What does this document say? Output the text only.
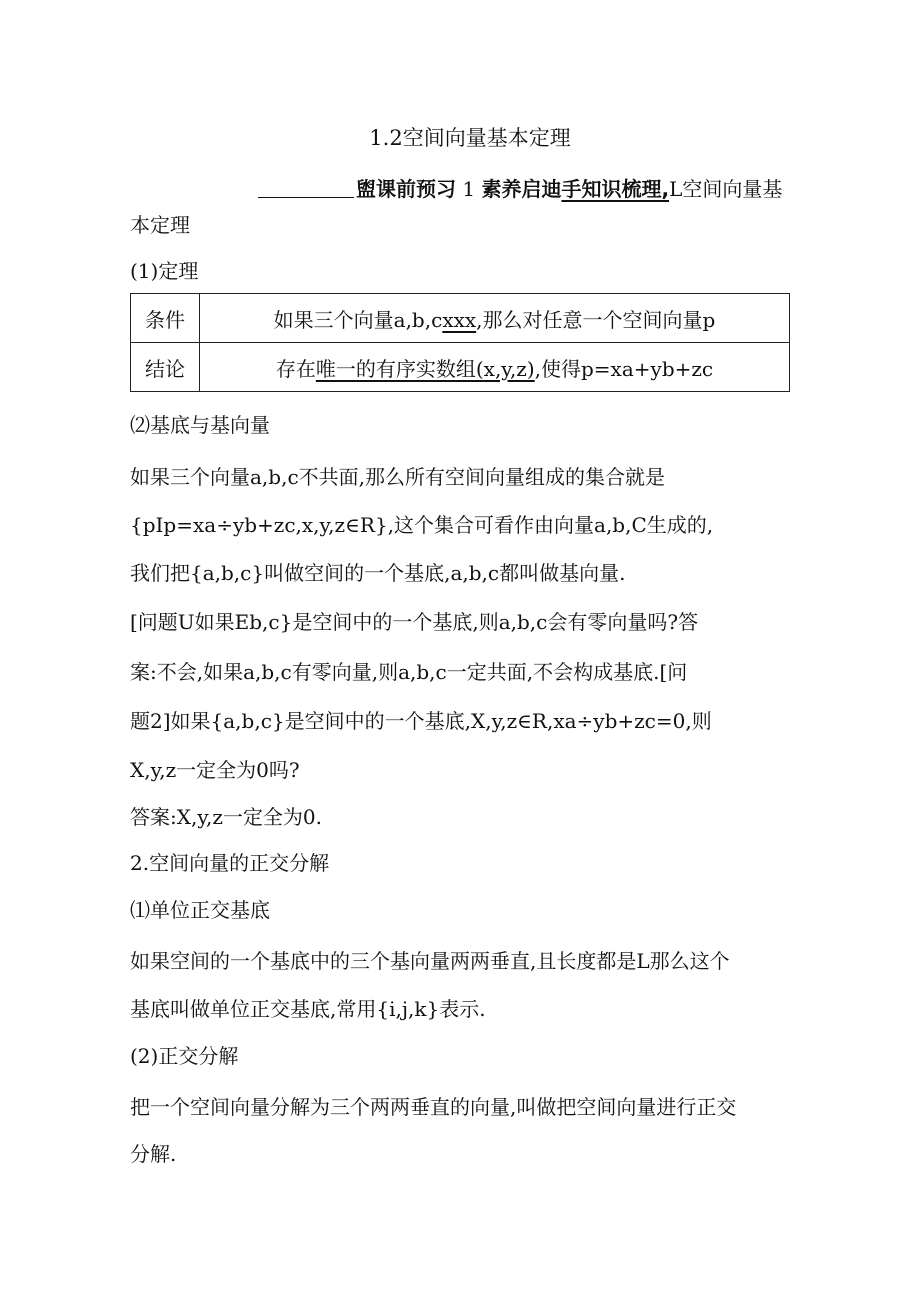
1.2空间向量基本定理
盥课前预习 1 素养启迪手知识梳理,L空间向量基
本定理
(1)定理
条件	如果三个向量a,b,cxxx,那么对任意一个空间向量p
结论	存在唯一的有序实数组(x,y,z),使得p=xa+yb+zc
⑵基底与基向量
如果三个向量a,b,c不共面,那么所有空间向量组成的集合就是
{pIp=xa÷yb+zc,x,y,z∈R},这个集合可看作由向量a,b,C生成的,
我们把{a,b,c}叫做空间的一个基底,a,b,c都叫做基向量.
[问题U如果Eb,c}是空间中的一个基底,则a,b,c会有零向量吗?答
案:不会,如果a,b,c有零向量,则a,b,c一定共面,不会构成基底.[问
题2]如果{a,b,c}是空间中的一个基底,X,y,z∈R,xa÷yb+zc=0,则
X,y,z一定全为0吗?
答案:X,y,z一定全为0.
2.空间向量的正交分解
⑴单位正交基底
如果空间的一个基底中的三个基向量两两垂直,且长度都是L那么这个
基底叫做单位正交基底,常用{i,j,k}表示.
(2)正交分解
把一个空间向量分解为三个两两垂直的向量,叫做把空间向量进行正交
分解.
